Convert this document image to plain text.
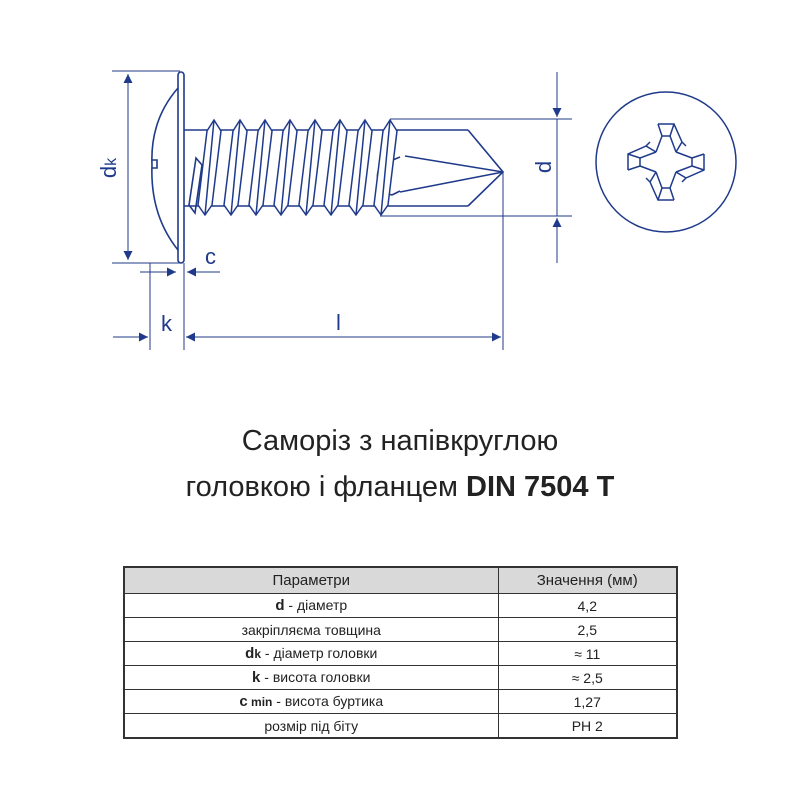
dk	d
c
k	l
Саморіз з напівкруглою
головкою і фланцем DIN 7504 T
Параметри	Значення (мм)
d - діаметр	4,2
закріпляєма товщина	2,5
dk - діаметр головки	≈ 11
k - висота головки	≈ 2,5
c min - висота буртика	1,27
розмір під біту	PH 2
